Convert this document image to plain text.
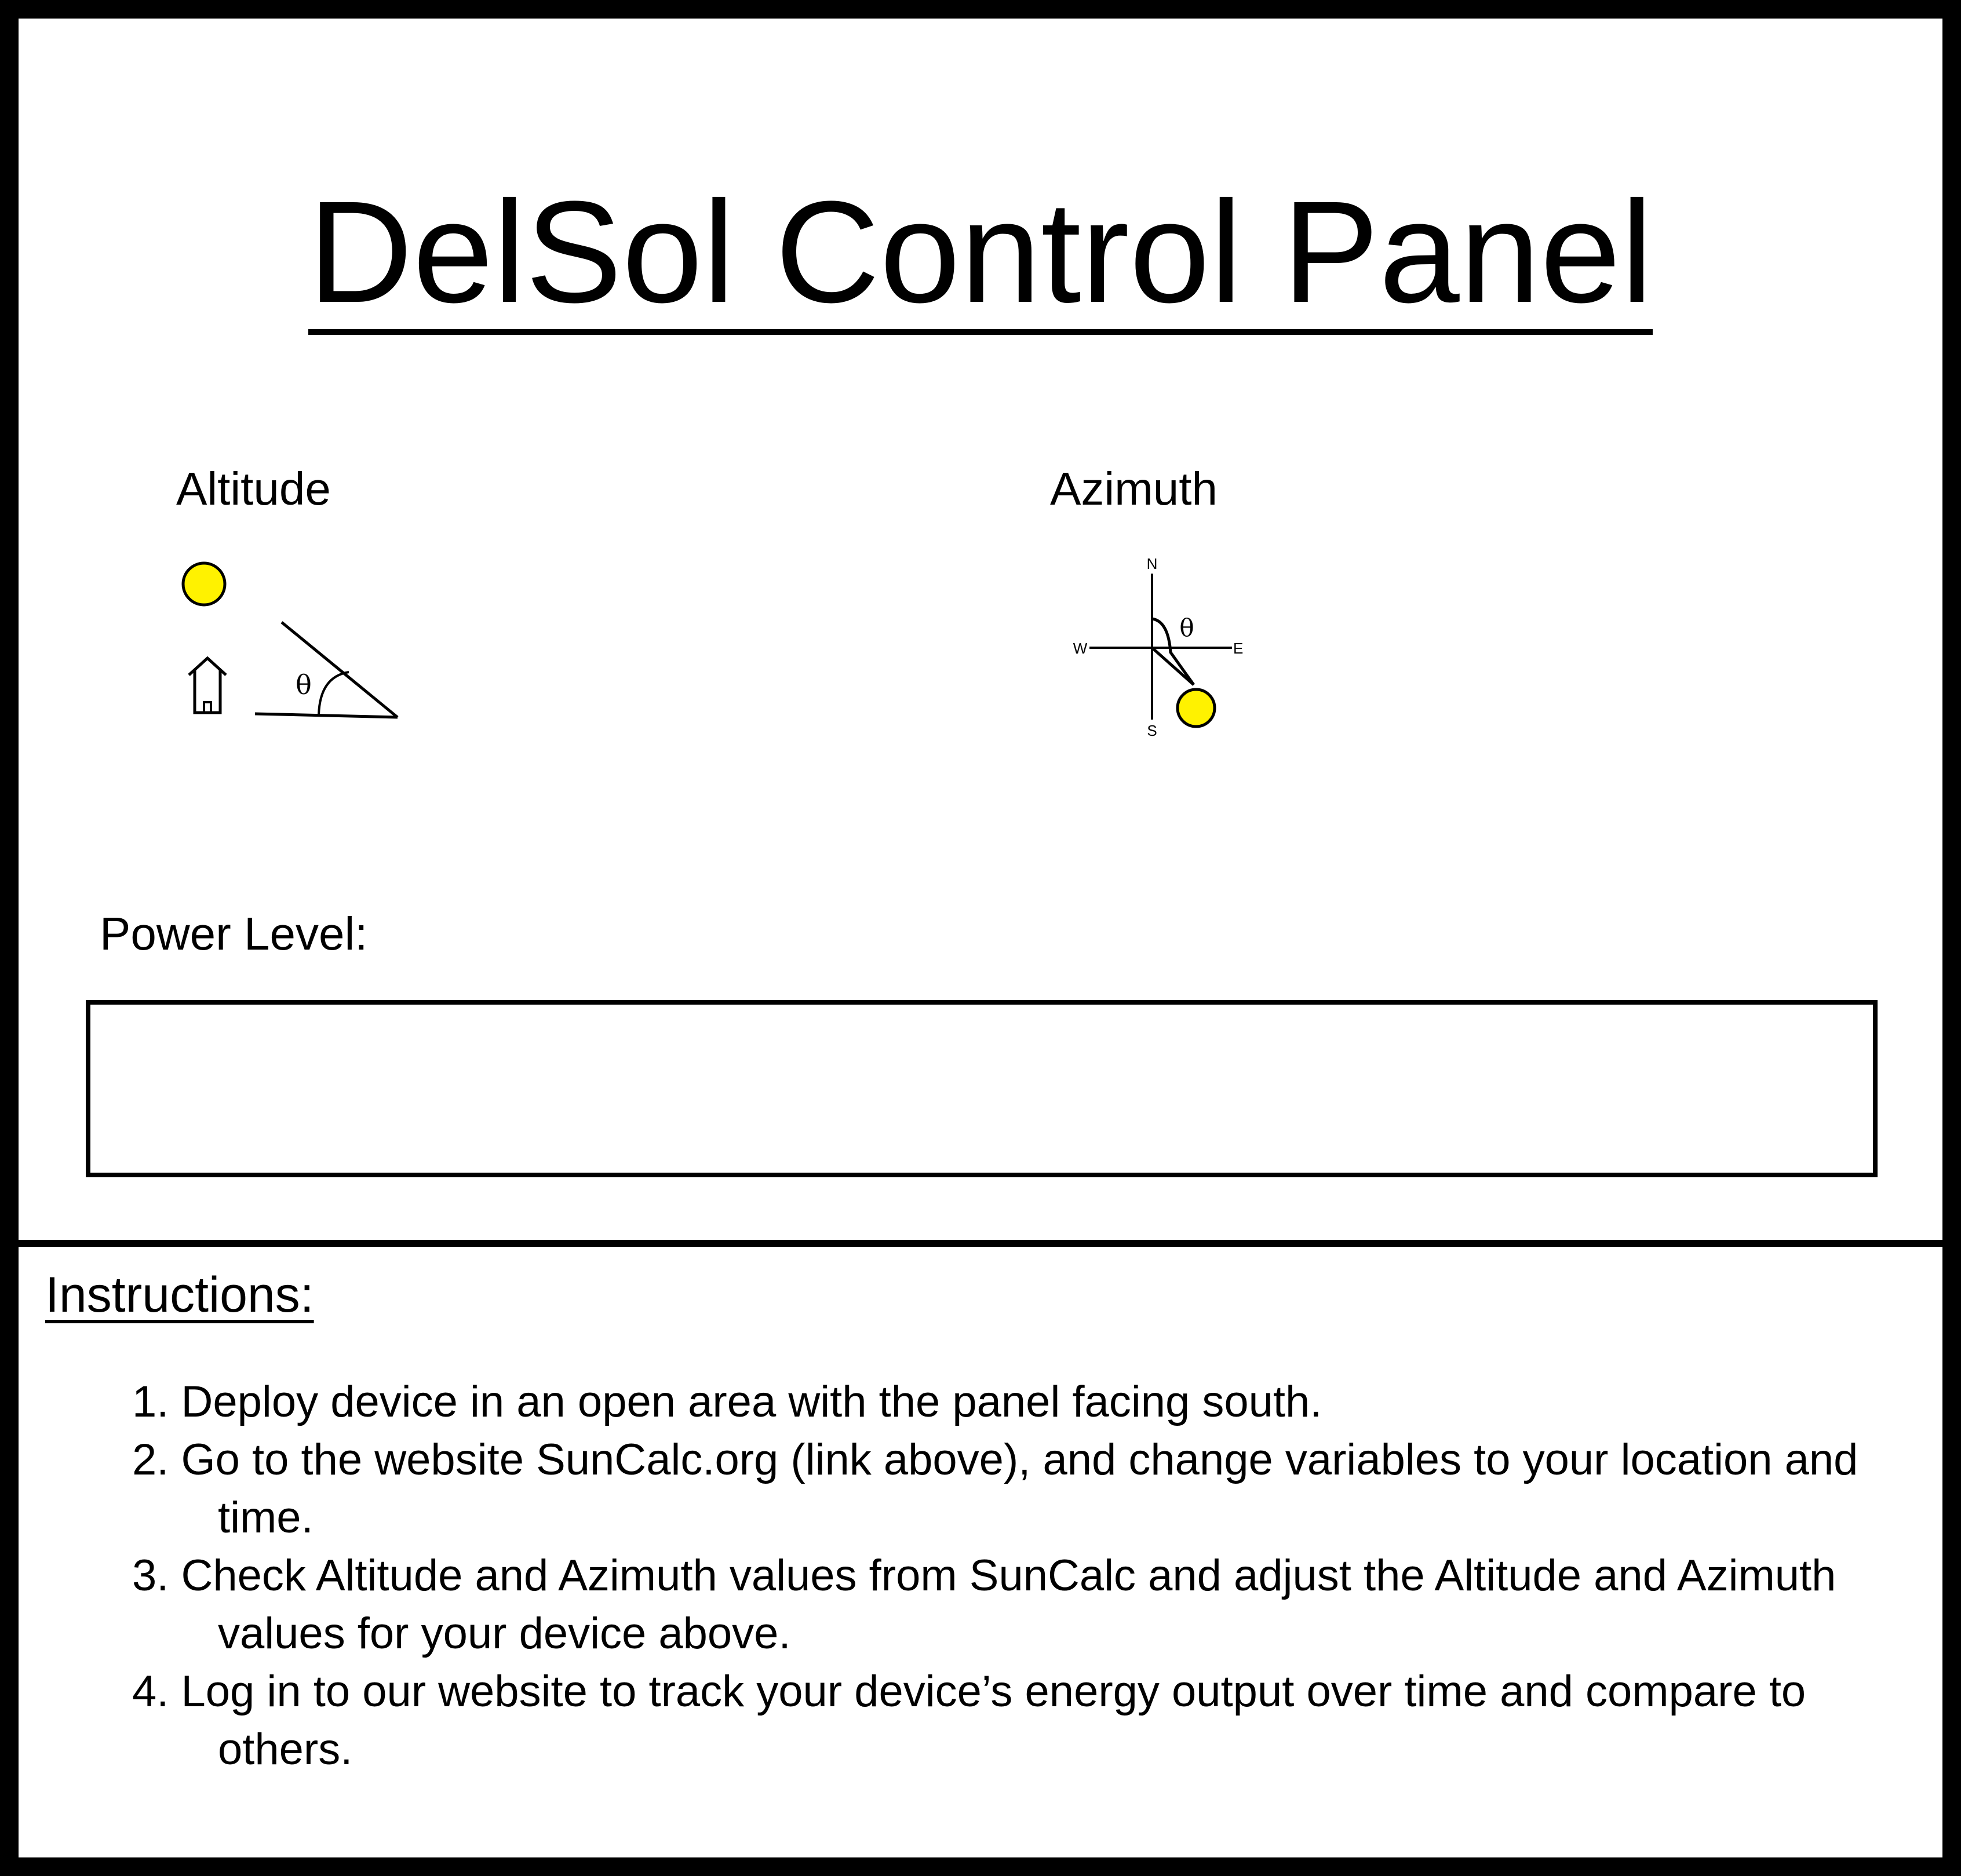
DelSol Control Panel
Altitude
θ
Azimuth
N
S
W	E
θ
Power Level:
Instructions:
1. Deploy device in an open area with the panel facing south.
2. Go to the website SunCalc.org (link above), and change variables to your location and
time.
3. Check Altitude and Azimuth values from SunCalc and adjust the Altitude and Azimuth
values for your device above.
4. Log in to our website to track your device’s energy output over time and compare to
others.
